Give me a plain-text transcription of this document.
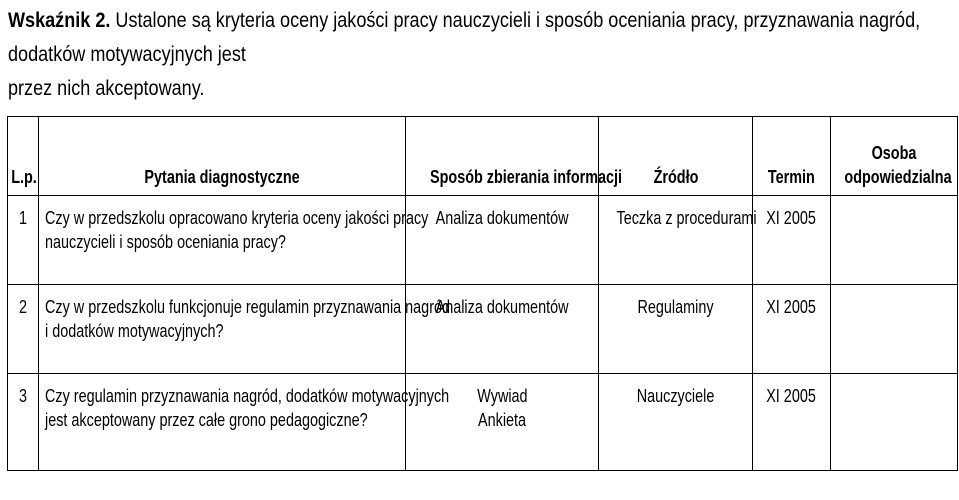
Wskaźnik 2. Ustalone są kryteria oceny jakości pracy nauczycieli i sposób oceniania pracy, przyznawania nagród, dodatków motywacyjnych jest
przez nich akceptowany.
L.p.	Pytania diagnostyczne	Sposób zbierania informacji	Źródło	Termin	Osoba
odpowiedzialna

1	Czy w przedszkolu opracowano kryteria oceny jakości pracy
nauczycieli i sposób oceniania pracy?	Analiza dokumentów	Teczka z procedurami	XI 2005	
2	Czy w przedszkolu funkcjonuje regulamin przyznawania nagród
i dodatków motywacyjnych?	Analiza dokumentów	Regulaminy	XI 2005	
3	Czy regulamin przyznawania nagród, dodatków motywacyjnych
jest akceptowany przez całe grono pedagogiczne?	Wywiad
Ankieta	Nauczyciele	XI 2005	
